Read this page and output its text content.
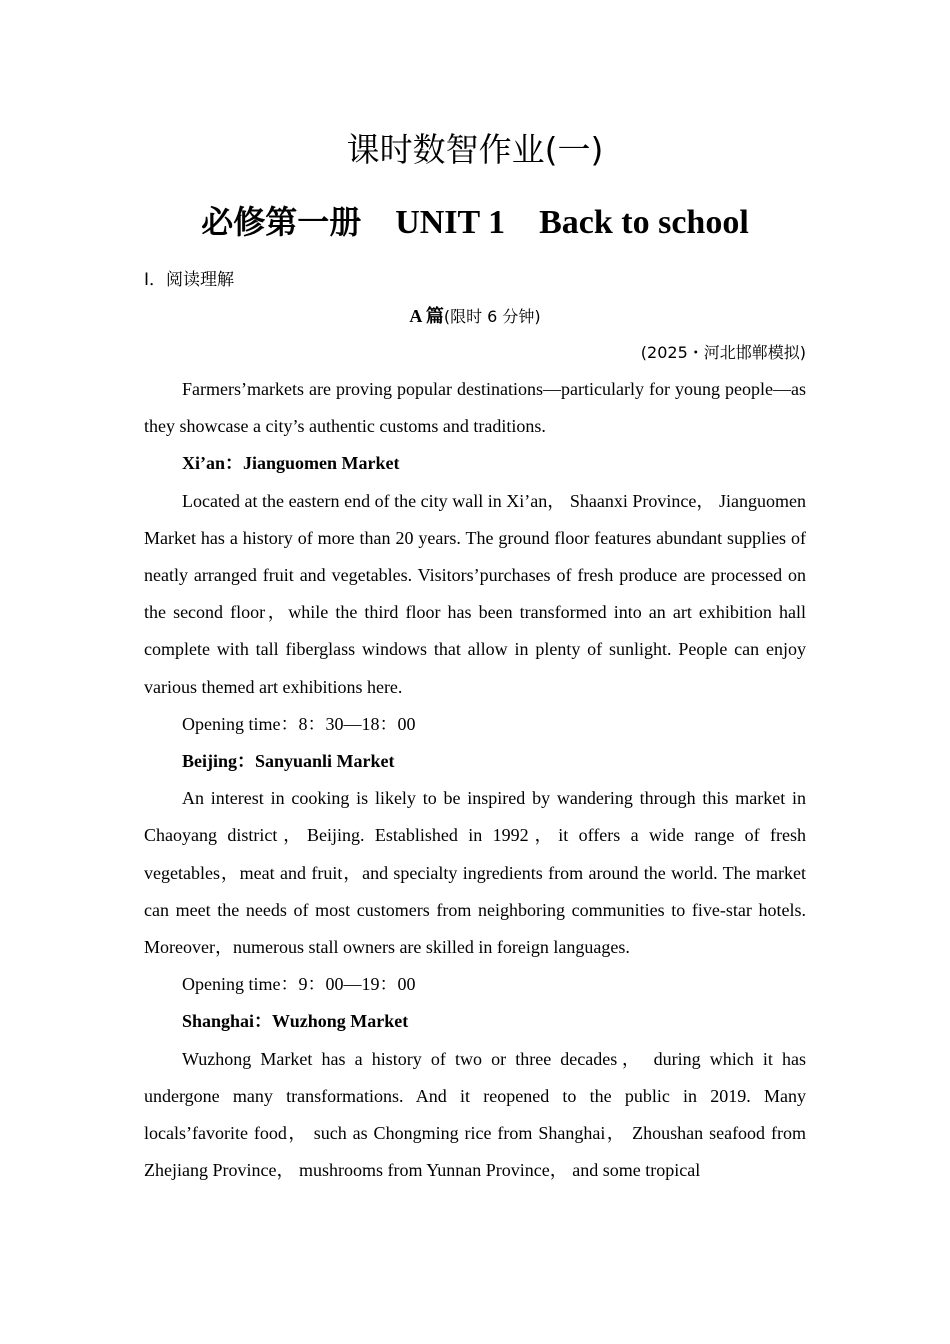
课时数智作业(一)
必修第一册 UNIT 1 Back to school
Ⅰ．阅读理解
A 篇(限时 6 分钟)
(2025・河北邯郸模拟)

Farmers’markets are proving popular destinations—particularly for young people—as they showcase a city’s authentic customs and traditions.

Xi’an：Jianguomen Market

Located at the eastern end of the city wall in Xi’an， Shaanxi Province， Jianguomen Market has a history of more than 20 years. The ground floor features abundant supplies of neatly arranged fruit and vegetables. Visitors’purchases of fresh produce are processed on the second floor，while the third floor has been transformed into an art exhibition hall complete with tall fiberglass windows that allow in plenty of sunlight. People can enjoy various themed art exhibitions here.

Opening time：8：30—18：00

Beijing：Sanyuanli Market

An interest in cooking is likely to be inspired by wandering through this market in Chaoyang district，Beijing. Established in 1992，it offers a wide range of fresh vegetables，meat and fruit，and specialty ingredients from around the world. The market can meet the needs of most customers from neighboring communities to five-star hotels. Moreover，numerous stall owners are skilled in foreign languages.

Opening time：9：00—19：00

Shanghai：Wuzhong Market

Wuzhong Market has a history of two or three decades， during which it has undergone many transformations. And it reopened to the public in 2019. Many locals’favorite food， such as Chongming rice from Shanghai， Zhoushan seafood from Zhejiang Province， mushrooms from Yunnan Province， and some tropical
